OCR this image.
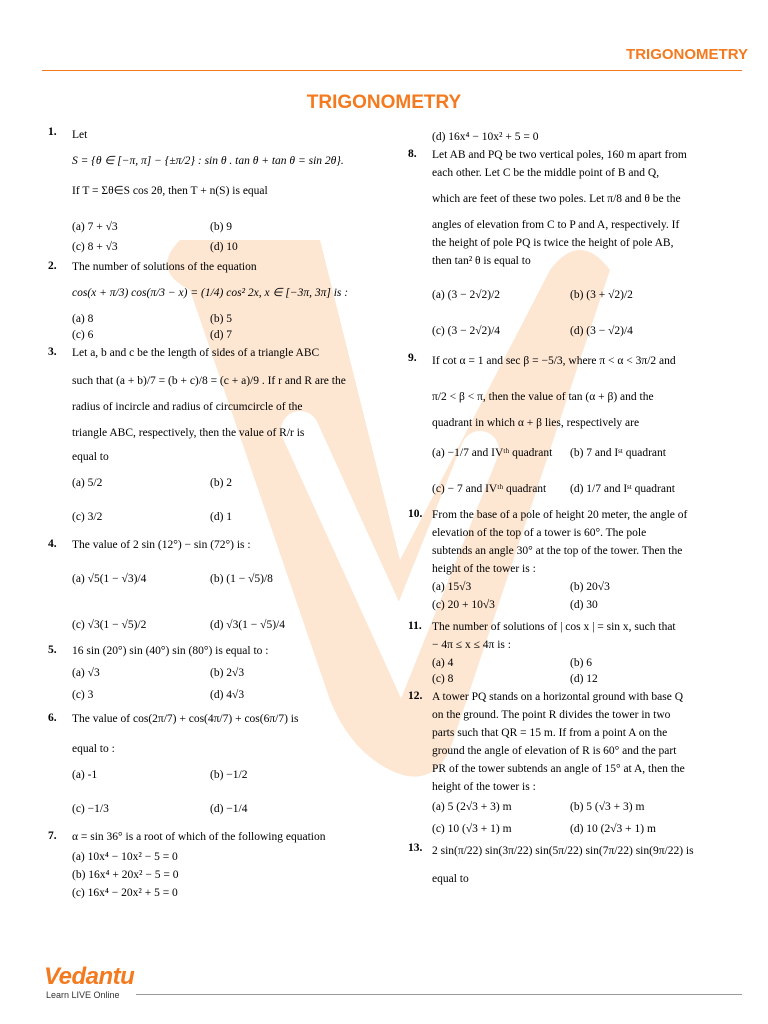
TRIGONOMETRY
TRIGONOMETRY
1. Let
S = {θ ∈ [−π, π] − {±π/2} : sin θ . tan θ + tan θ = sin 2θ}.
If T = Σθ∈S cos 2θ, then T + n(S) is equal
(a) 7 + √3	(b) 9
(c) 8 + √3	(d) 10
2. The number of solutions of the equation
cos(x + π/3) cos(π/3 − x) = (1/4) cos² 2x, x ∈ [−3π, 3π] is :
(a) 8	(b) 5
(c) 6	(d) 7
3. Let a, b and c be the length of sides of a triangle ABC
such that (a + b)/7 = (b + c)/8 = (c + a)/9 . If r and R are the
radius of incircle and radius of circumcircle of the
triangle ABC, respectively, then the value of R/r is
equal to
(a) 5/2	(b) 2
(c) 3/2	(d) 1
4. The value of 2 sin (12°) − sin (72°) is :
(a) √5(1 − √3)/4	(b) (1 − √5)/8
(c) √3(1 − √5)/2	(d) √3(1 − √5)/4
5. 16 sin (20°) sin (40°) sin (80°) is equal to :
(a) √3	(b) 2√3
(c) 3	(d) 4√3
6. The value of cos(2π/7) + cos(4π/7) + cos(6π/7) is
equal to :
(a) -1	(b) −1/2
(c) −1/3	(d) −1/4
7. α = sin 36° is a root of which of the following equation
(a) 10x⁴ − 10x² − 5 = 0
(b) 16x⁴ + 20x² − 5 = 0
(c) 16x⁴ − 20x² + 5 = 0
(d) 16x⁴ − 10x² + 5 = 0
8. Let AB and PQ be two vertical poles, 160 m apart from
each other. Let C be the middle point of B and Q,
which are feet of these two poles. Let π/8 and θ be the
angles of elevation from C to P and A, respectively. If
the height of pole PQ is twice the height of pole AB,
then tan² θ is equal to
(a) (3 − 2√2)/2	(b) (3 + √2)/2
(c) (3 − 2√2)/4	(d) (3 − √2)/4
9. If cot α = 1 and sec β = −5/3, where π < α < 3π/2 and
π/2 < β < π, then the value of tan (α + β) and the
quadrant in which α + β lies, respectively are
(a) −1/7 and IVᵗʰ quadrant (b) 7 and Iˢᵗ quadrant
(c) − 7 and IVᵗʰ quadrant (d) 1/7 and Iˢᵗ quadrant
10. From the base of a pole of height 20 meter, the angle of
elevation of the top of a tower is 60°. The pole
subtends an angle 30° at the top of the tower. Then the
height of the tower is :
(a) 15√3	(b) 20√3
(c) 20 + 10√3	(d) 30
11. The number of solutions of | cos x | = sin x, such that
− 4π ≤ x ≤ 4π is :
(a) 4	(b) 6
(c) 8	(d) 12
12. A tower PQ stands on a horizontal ground with base Q
on the ground. The point R divides the tower in two
parts such that QR = 15 m. If from a point A on the
ground the angle of elevation of R is 60° and the part
PR of the tower subtends an angle of 15° at A, then the
height of the tower is :
(a) 5 (2√3 + 3) m	(b) 5 (√3 + 3) m
(c) 10 (√3 + 1) m	(d) 10 (2√3 + 1) m
13. 2 sin(π/22) sin(3π/22) sin(5π/22) sin(7π/22) sin(9π/22) is
equal to
Vedantu
Learn LIVE Online
